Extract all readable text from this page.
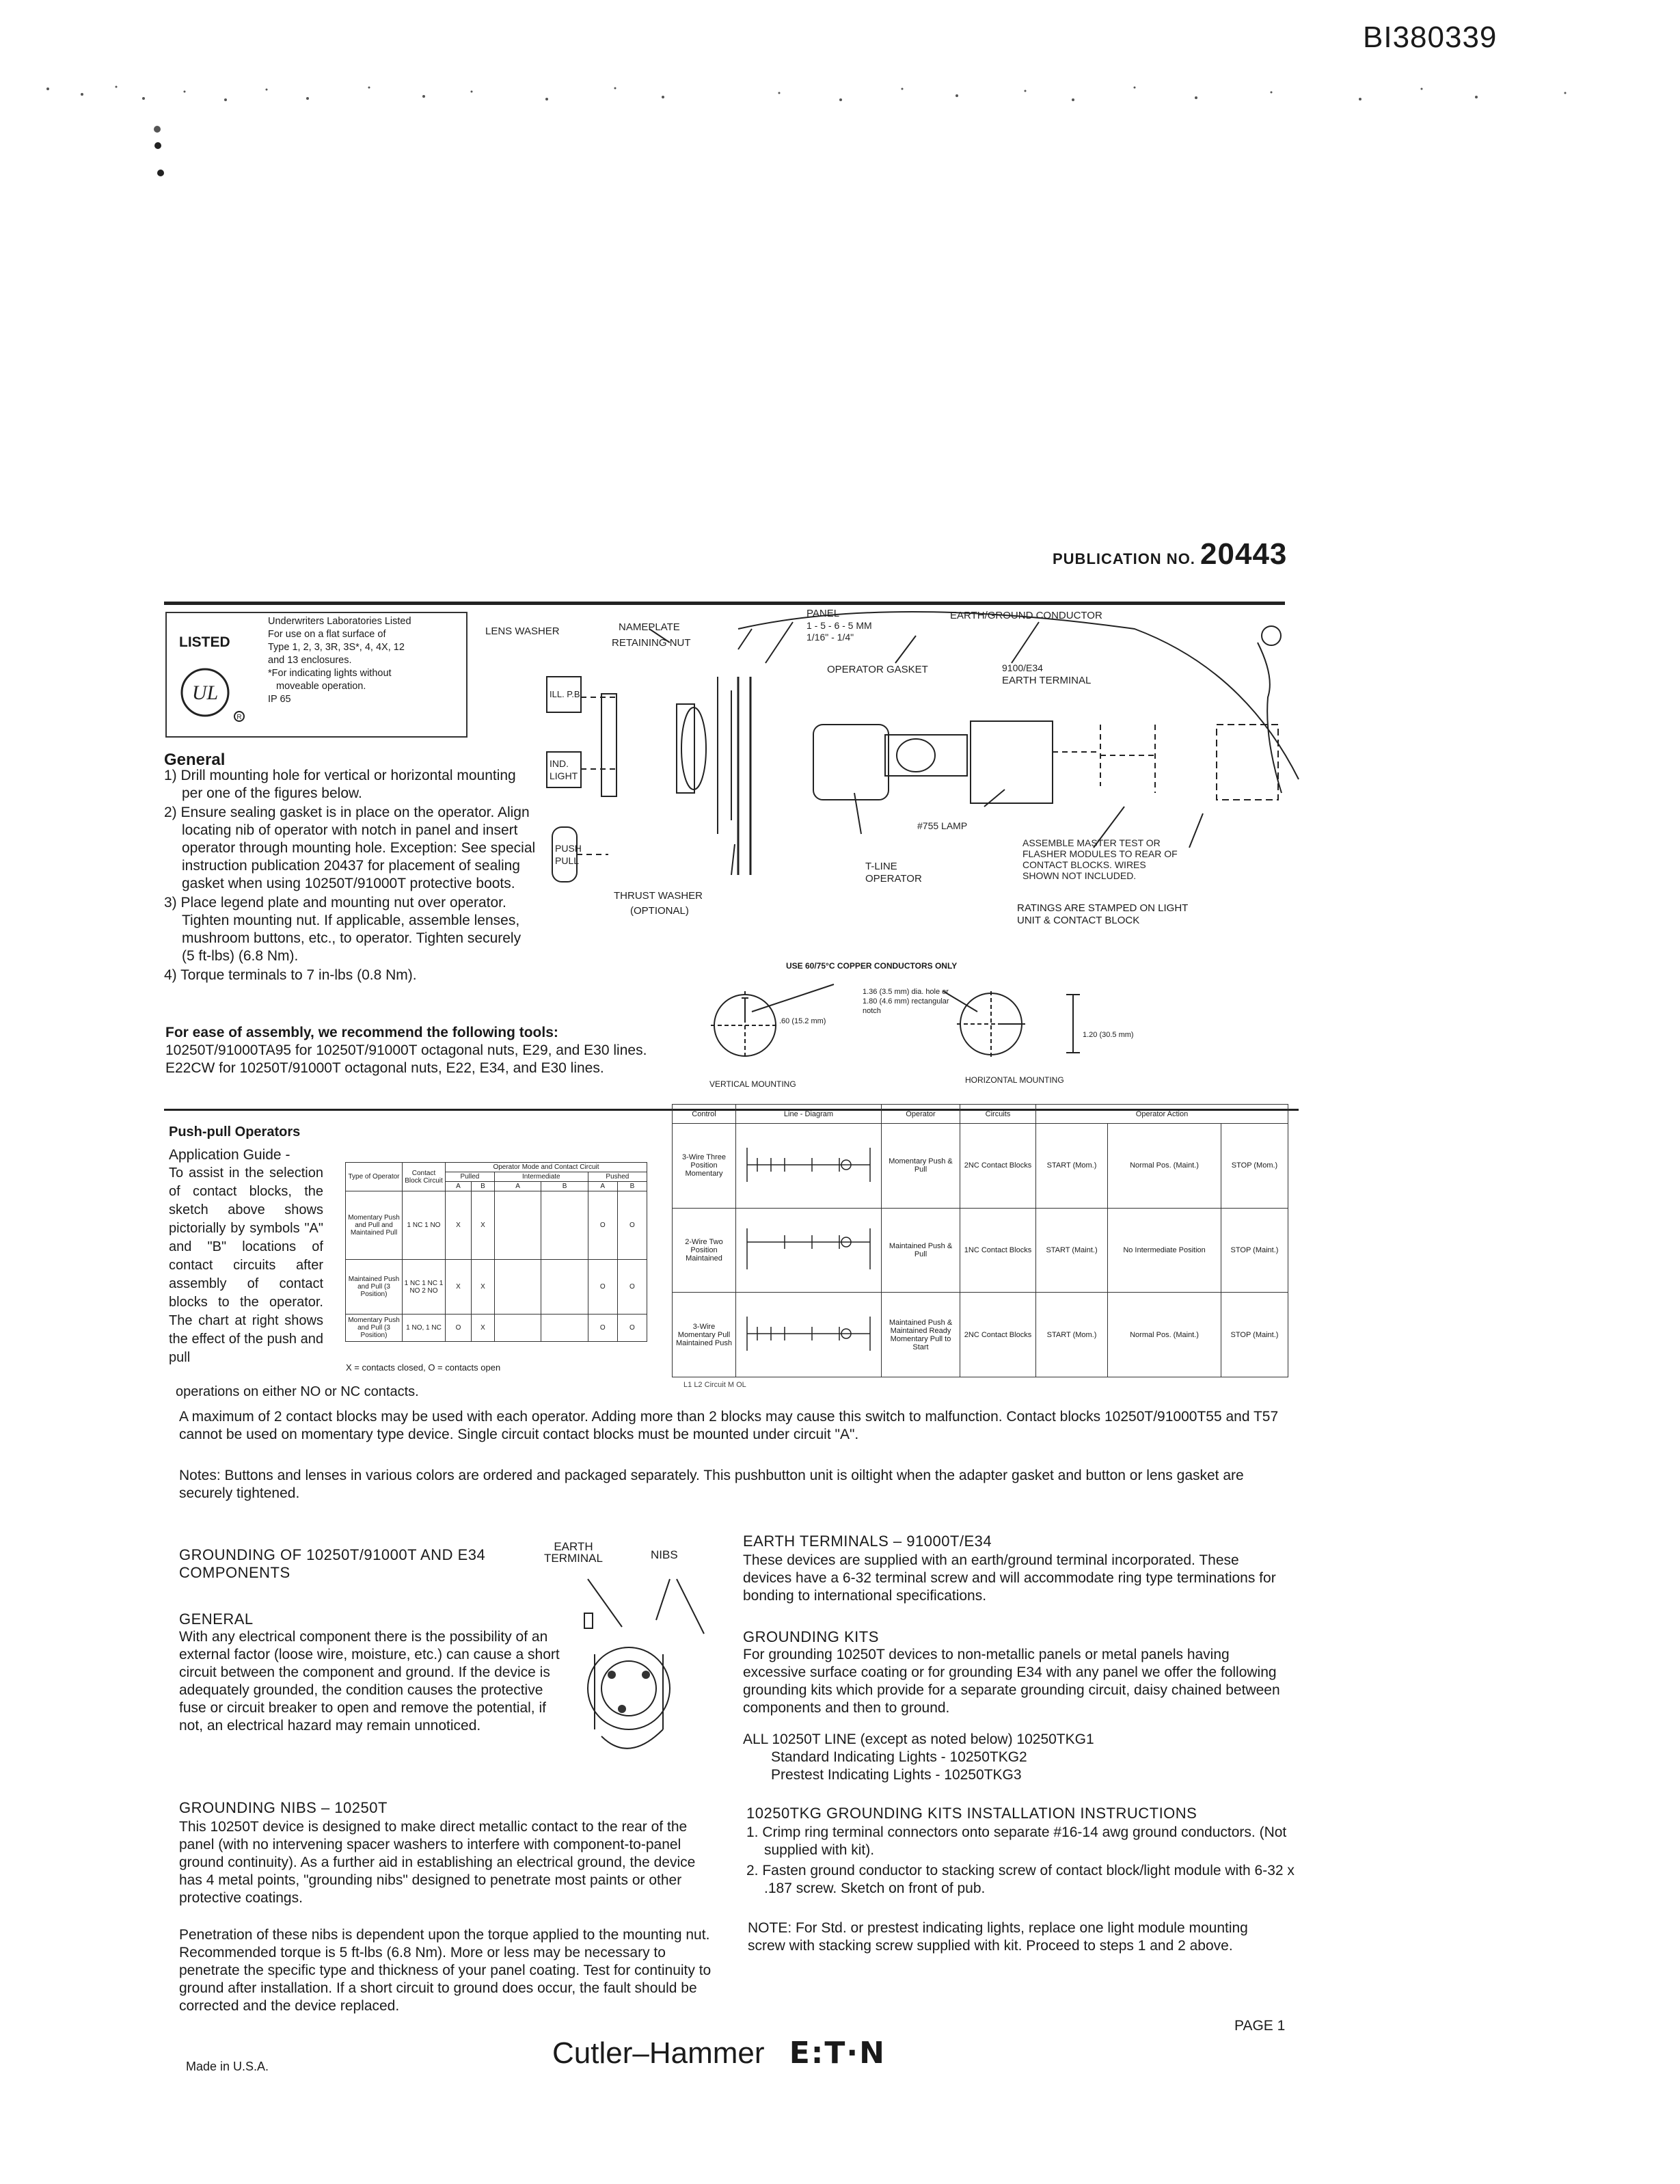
BI380339
PUBLICATION NO. 20443
LISTED
UL
R
Underwriters Laboratories Listed
For use on a flat surface of
Type 1, 2, 3, 3R, 3S*, 4, 4X, 12
and 13 enclosures.
*For indicating lights without
moveable operation.
IP 65
General
1) Drill mounting hole for vertical or horizontal mounting per one of the figures below.
2) Ensure sealing gasket is in place on the operator. Align locating nib of operator with notch in panel and insert operator through mounting hole. Exception: See special instruction publication 20437 for placement of sealing gasket when using 10250T/91000T protective boots.
3) Place legend plate and mounting nut over operator. Tighten mounting nut. If applicable, assemble lenses, mushroom buttons, etc., to operator. Tighten securely (5 ft-lbs) (6.8 Nm).
4) Torque terminals to 7 in-lbs (0.8 Nm).
For ease of assembly, we recommend the following tools:
10250T/91000TA95 for 10250T/91000T octagonal nuts, E29, and E30 lines. E22CW for 10250T/91000T octagonal nuts, E22, E34, and E30 lines.
LENS WASHER	NAMEPLATE
RETAINING NUT
PANEL
1 - 5 - 6 - 5 MM
1/16" - 1/4"
EARTH/GROUND CONDUCTOR
OPERATOR GASKET	9100/E34
EARTH TERMINAL
ILL. P.B.
IND.
LIGHT
PUSH
PULL
#755 LAMP
T-LINE
OPERATOR
ASSEMBLE MASTER TEST OR
FLASHER MODULES TO REAR OF
CONTACT BLOCKS. WIRES
SHOWN NOT INCLUDED.
THRUST WASHER
(OPTIONAL)	RATINGS ARE STAMPED ON LIGHT
UNIT & CONTACT BLOCK
USE 60/75°C COPPER CONDUCTORS ONLY
1.36 (3.5 mm) dia. hole or
1.80 (4.6 mm) rectangular
notch
.60 (15.2 mm)
1.20 (30.5 mm)
VERTICAL MOUNTING	HORIZONTAL MOUNTING
Push-pull Operators
Application Guide -
To assist in the selection of contact blocks, the sketch above shows pictorially by symbols "A" and "B" locations of contact circuits after assembly of contact blocks to the operator. The chart at right shows the effect of the push and pull
operations on either NO or NC contacts.
Type of Operator	Contact Block Circuit	Operator Mode and Contact Circuit					
		Pulled		Intermediate		Pushed	
		A	B	A	B	A	B
Momentary Push and Pull and Maintained Pull	1 NC 1 NO	X	X			O	O
Maintained Push and Pull (3 Position)	1 NC 1 NC 1 NO 2 NO	X	X			O	O
Momentary Push and Pull (3 Position)	1 NO, 1 NC	O	X			O	O
X = contacts closed, O = contacts open
Control	Line - Diagram	Operator	Circuits	Operator Action		
3-Wire Three Position Momentary		Momentary Push & Pull	2NC Contact Blocks	START (Mom.)	Normal Pos. (Maint.)	STOP (Mom.)
2-Wire Two Position Maintained		Maintained Push & Pull	1NC Contact Blocks	START (Maint.)	No Intermediate Position	STOP (Maint.)
3-Wire Momentary Pull Maintained Push		Maintained Push & Maintained Ready Momentary Pull to Start	2NC Contact Blocks	START (Mom.)	Normal Pos. (Maint.)	STOP (Maint.)
L1 L2 Circuit M OL
A maximum of 2 contact blocks may be used with each operator. Adding more than 2 blocks may cause this switch to malfunction. Contact blocks 10250T/91000T55 and T57 cannot be used on momentary type device. Single circuit contact blocks must be mounted under circuit "A".
Notes: Buttons and lenses in various colors are ordered and packaged separately. This pushbutton unit is oiltight when the adapter gasket and button or lens gasket are securely tightened.
GROUNDING OF 10250T/91000T AND E34 COMPONENTS
EARTH TERMINAL	NIBS
GENERAL
With any electrical component there is the possibility of an external factor (loose wire, moisture, etc.) can cause a short circuit between the component and ground. If the device is adequately grounded, the condition causes the protective fuse or circuit breaker to open and remove the potential, if not, an electrical hazard may remain unnoticed.
GROUNDING NIBS – 10250T
This 10250T device is designed to make direct metallic contact to the rear of the panel (with no intervening spacer washers to interfere with component-to-panel ground continuity). As a further aid in establishing an electrical ground, the device has 4 metal points, "grounding nibs" designed to penetrate most paints or other protective coatings.
Penetration of these nibs is dependent upon the torque applied to the mounting nut. Recommended torque is 5 ft-lbs (6.8 Nm). More or less may be necessary to penetrate the specific type and thickness of your panel coating. Test for continuity to ground after installation. If a short circuit to ground does occur, the fault should be corrected and the device replaced.
EARTH TERMINALS – 91000T/E34
These devices are supplied with an earth/ground terminal incorporated. These devices have a 6-32 terminal screw and will accommodate ring type terminations for bonding to international specifications.
GROUNDING KITS
For grounding 10250T devices to non-metallic panels or metal panels having excessive surface coating or for grounding E34 with any panel we offer the following grounding kits which provide for a separate grounding circuit, daisy chained between components and then to ground.
ALL 10250T LINE (except as noted below) 10250TKG1
Standard Indicating Lights - 10250TKG2
Prestest Indicating Lights - 10250TKG3
10250TKG GROUNDING KITS INSTALLATION INSTRUCTIONS
1. Crimp ring terminal connectors onto separate #16-14 awg ground conductors. (Not supplied with kit).
2. Fasten ground conductor to stacking screw of contact block/light module with 6-32 x .187 screw. Sketch on front of pub.
NOTE: For Std. or prestest indicating lights, replace one light module mounting screw with stacking screw supplied with kit. Proceed to steps 1 and 2 above.
PAGE 1
Made in U.S.A.	Cutler–Hammer E:T·N
